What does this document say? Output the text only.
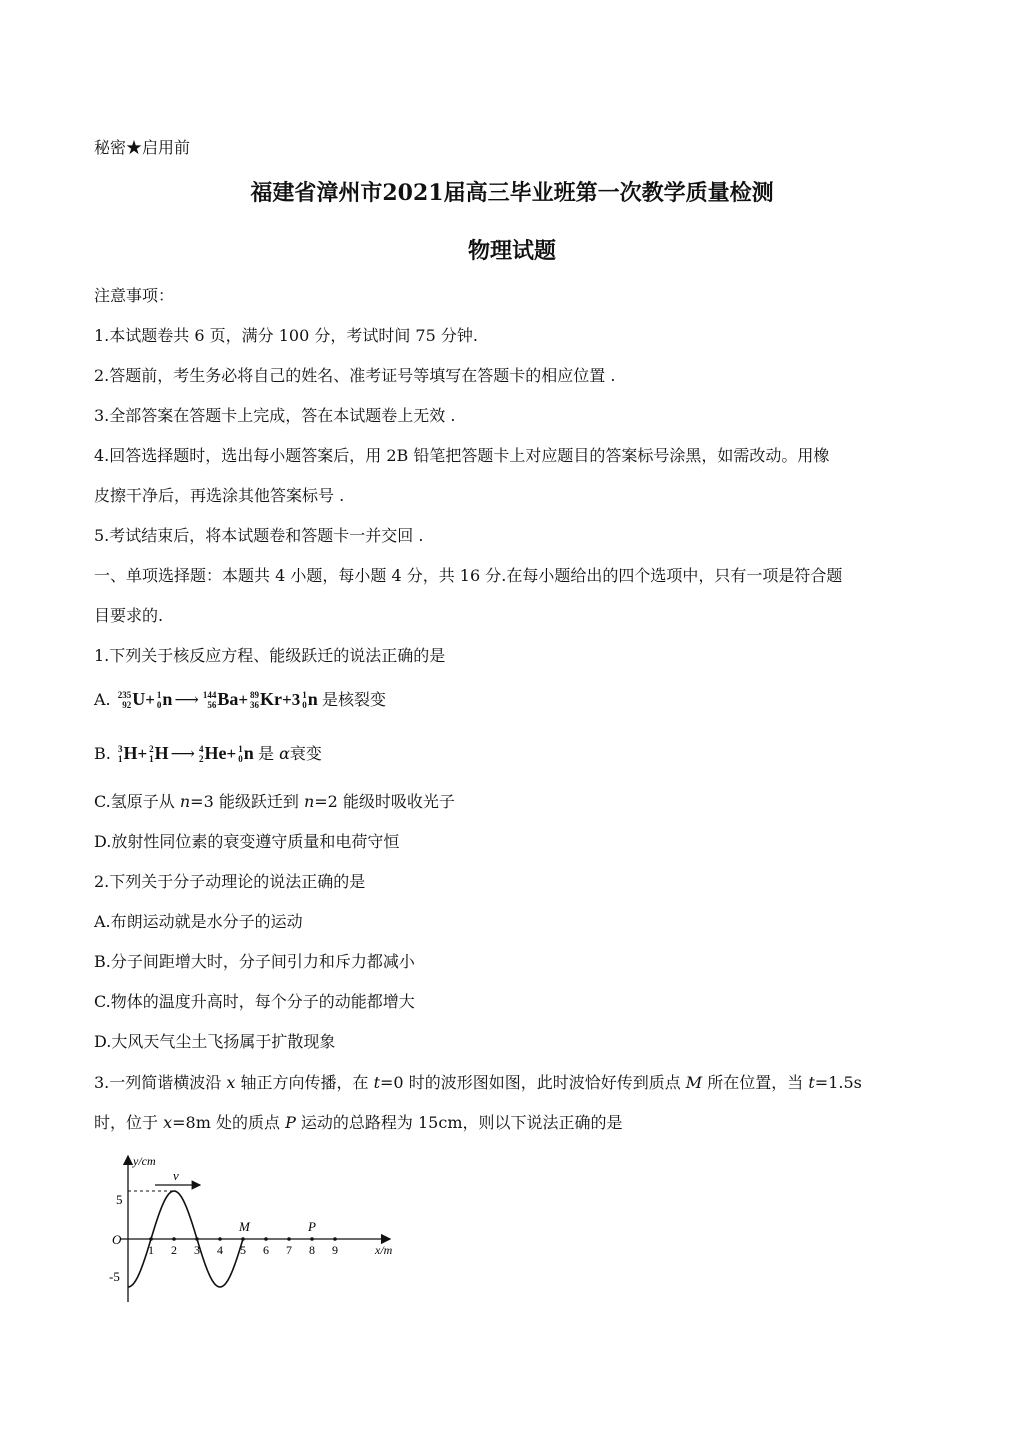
秘密★启用前
福建省漳州市2021届高三毕业班第一次教学质量检测
物理试题
注意事项：
1.本试题卷共 6 页，满分 100 分，考试时间 75 分钟.
2.答题前，考生务必将自己的姓名、准考证号等填写在答题卡的相应位置 .
3.全部答案在答题卡上完成，答在本试题卷上无效 .
4.回答选择题时，选出每小题答案后，用 2B 铅笔把答题卡上对应题目的答案标号涂黑，如需改动。用橡
皮擦干净后，再选涂其他答案标号 .
5.考试结束后，将本试题卷和答题卡一并交回 .
一、单项选择题：本题共 4 小题，每小题 4 分，共 16 分.在每小题给出的四个选项中，只有一项是符合题
目要求的.
1.下列关于核反应方程、能级跃迁的说法正确的是
A. 235
92 U+ 1
0 n ⟶ 144
56 Ba+ 89
36 Kr+3 1
0 n 是核裂变
B. 3
1 H+ 2
1 H ⟶ 4
2 He+ 1
0 n 是 α衰变
C.氢原子从 n=3 能级跃迁到 n=2 能级时吸收光子
D.放射性同位素的衰变遵守质量和电荷守恒
2.下列关于分子动理论的说法正确的是
A.布朗运动就是水分子的运动
B.分子间距增大时，分子间引力和斥力都减小
C.物体的温度升高时，每个分子的动能都增大
D.大风天气尘土飞扬属于扩散现象
3.一列简谐横波沿 x 轴正方向传播，在 t=0 时的波形图如图，此时波恰好传到质点 M 所在位置，当 t=1.5s
时，位于 x=8m 处的质点 P 运动的总路程为 15cm，则以下说法正确的是
v
y/cm
x/m
O
5
-5
1 2 3 4 5 6 7 8 9
M	P
